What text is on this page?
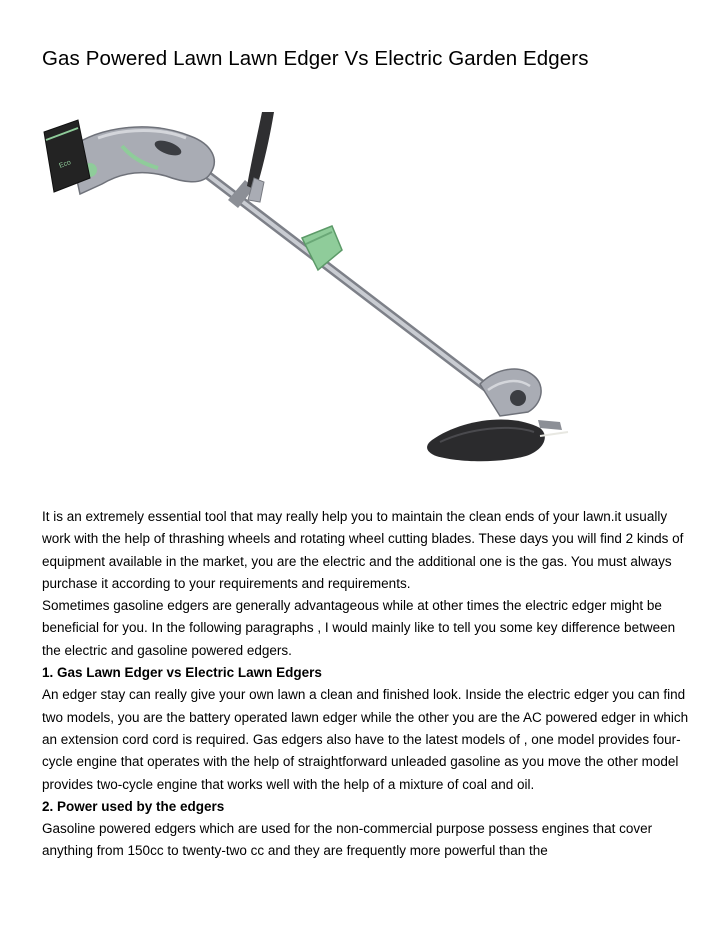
Gas Powered Lawn Lawn Edger Vs Electric Garden Edgers
Eco

It is an extremely essential tool that may really help you to maintain the clean ends of your lawn.it usually work with the help of thrashing wheels and rotating wheel cutting blades. These days you will find 2 kinds of equipment available in the market, you are the electric and the additional one is the gas. You must always purchase it according to your requirements and requirements.

Sometimes gasoline edgers are generally advantageous while at other times the electric edger might be beneficial for you. In the following paragraphs , I would mainly like to tell you some key difference between the electric and gasoline powered edgers.

1. Gas Lawn Edger vs Electric Lawn Edgers

An edger stay can really give your own lawn a clean and finished look. Inside the electric edger you can find two models, you are the battery operated lawn edger while the other you are the AC powered edger in which an extension cord cord is required. Gas edgers also have to the latest models of , one model provides four-cycle engine that operates with the help of straightforward unleaded gasoline as you move the other model provides two-cycle engine that works well with the help of a mixture of coal and oil.

2. Power used by the edgers

Gasoline powered edgers which are used for the non-commercial purpose possess engines that cover anything from 150cc to twenty-two cc and they are frequently more powerful than the
